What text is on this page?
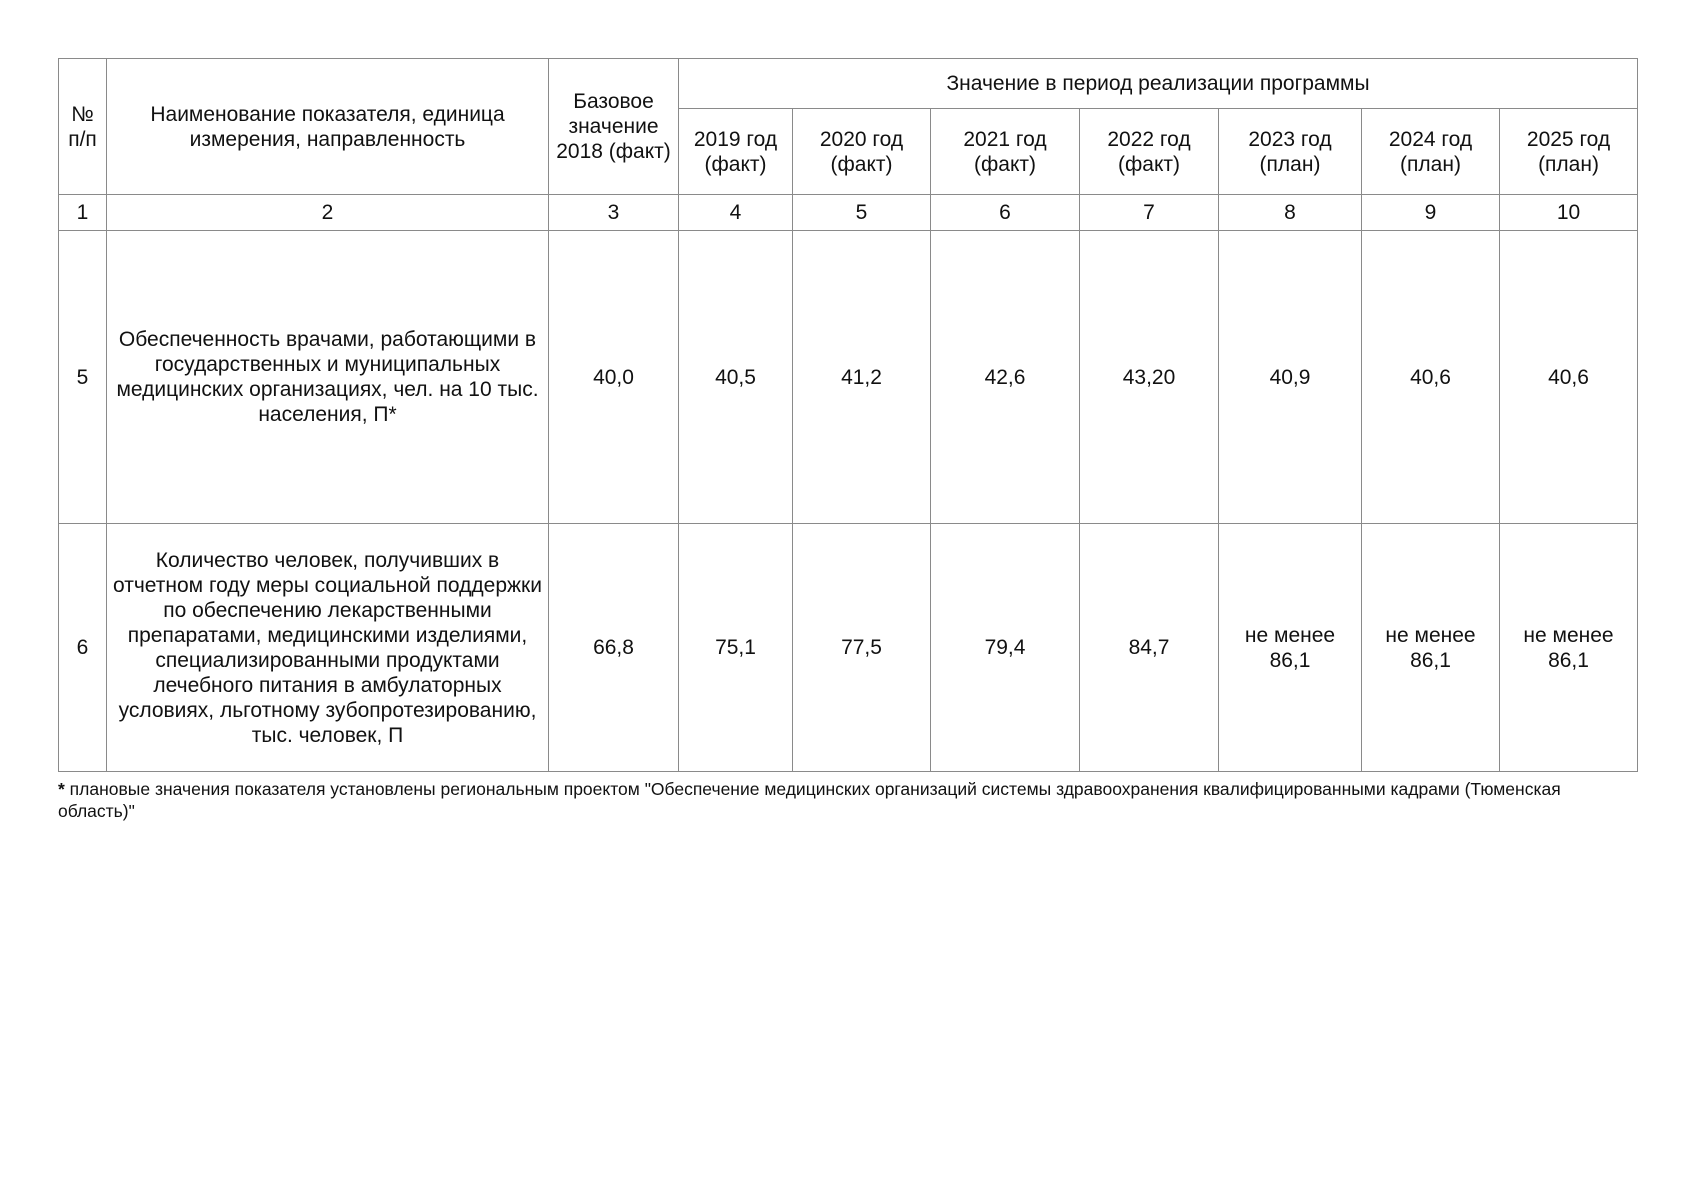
№ п/п	Наименование показателя, единица измерения, направленность	Базовое значение 2018 (факт)	Значение в период реализации программы						
			2019 год (факт)	2020 год (факт)	2021 год (факт)	2022 год (факт)	2023 год (план)	2024 год (план)	2025 год (план)
1	2	3	4	5	6	7	8	9	10
5	Обеспеченность врачами, работающими в государственных и муниципальных медицинских организациях, чел. на 10 тыс. населения, П*	40,0	40,5	41,2	42,6	43,20	40,9	40,6	40,6
6	Количество человек, получивших в отчетном году меры социальной поддержки по обеспечению лекарственными препаратами, медицинскими изделиями, специализированными продуктами лечебного питания в амбулаторных условиях, льготному зубопротезированию, тыс. человек, П	66,8	75,1	77,5	79,4	84,7	не менее 86,1	не менее 86,1	не менее 86,1
* плановые значения показателя установлены региональным проектом "Обеспечение медицинских организаций системы здравоохранения квалифицированными кадрами (Тюменская область)"
